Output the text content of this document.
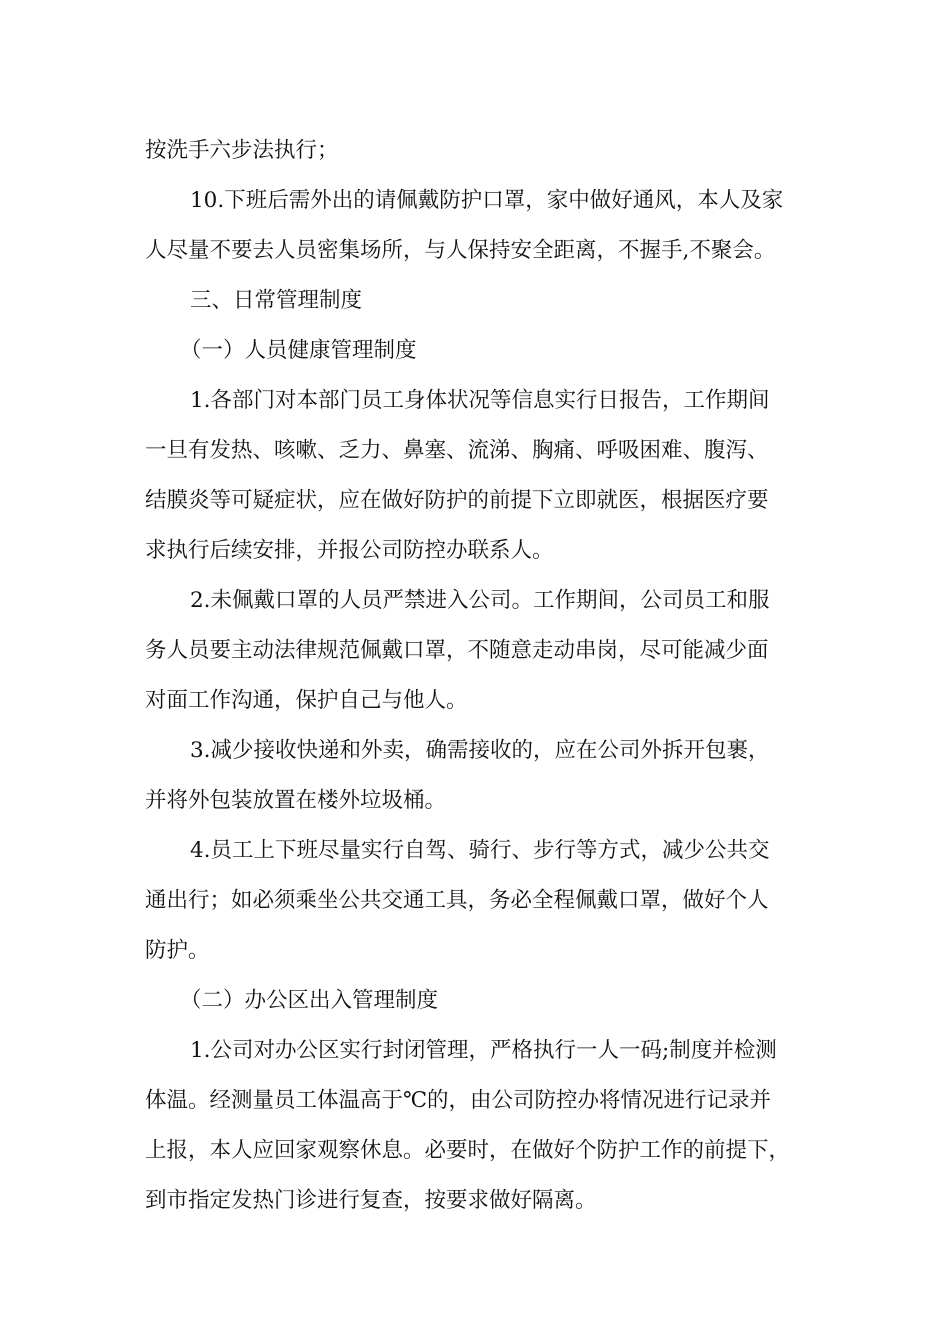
按洗手六步法执行；
10.下班后需外出的请佩戴防护口罩，家中做好通风，本人及家
人尽量不要去人员密集场所，与人保持安全距离，不握手,不聚会。
三、日常管理制度
（一）人员健康管理制度
1.各部门对本部门员工身体状况等信息实行日报告，工作期间
一旦有发热、咳嗽、乏力、鼻塞、流涕、胸痛、呼吸困难、腹泻、
结膜炎等可疑症状，应在做好防护的前提下立即就医，根据医疗要
求执行后续安排，并报公司防控办联系人。
2.未佩戴口罩的人员严禁进入公司。工作期间，公司员工和服
务人员要主动法律规范佩戴口罩，不随意走动串岗，尽可能减少面
对面工作沟通，保护自己与他人。
3.减少接收快递和外卖，确需接收的，应在公司外拆开包裹，
并将外包装放置在楼外垃圾桶。
4.员工上下班尽量实行自驾、骑行、步行等方式，减少公共交
通出行；如必须乘坐公共交通工具，务必全程佩戴口罩，做好个人
防护。
（二）办公区出入管理制度
1.公司对办公区实行封闭管理，严格执行一人一码;制度并检测
体温。经测量员工体温高于℃的，由公司防控办将情况进行记录并
上报，本人应回家观察休息。必要时，在做好个防护工作的前提下，
到市指定发热门诊进行复查，按要求做好隔离。
